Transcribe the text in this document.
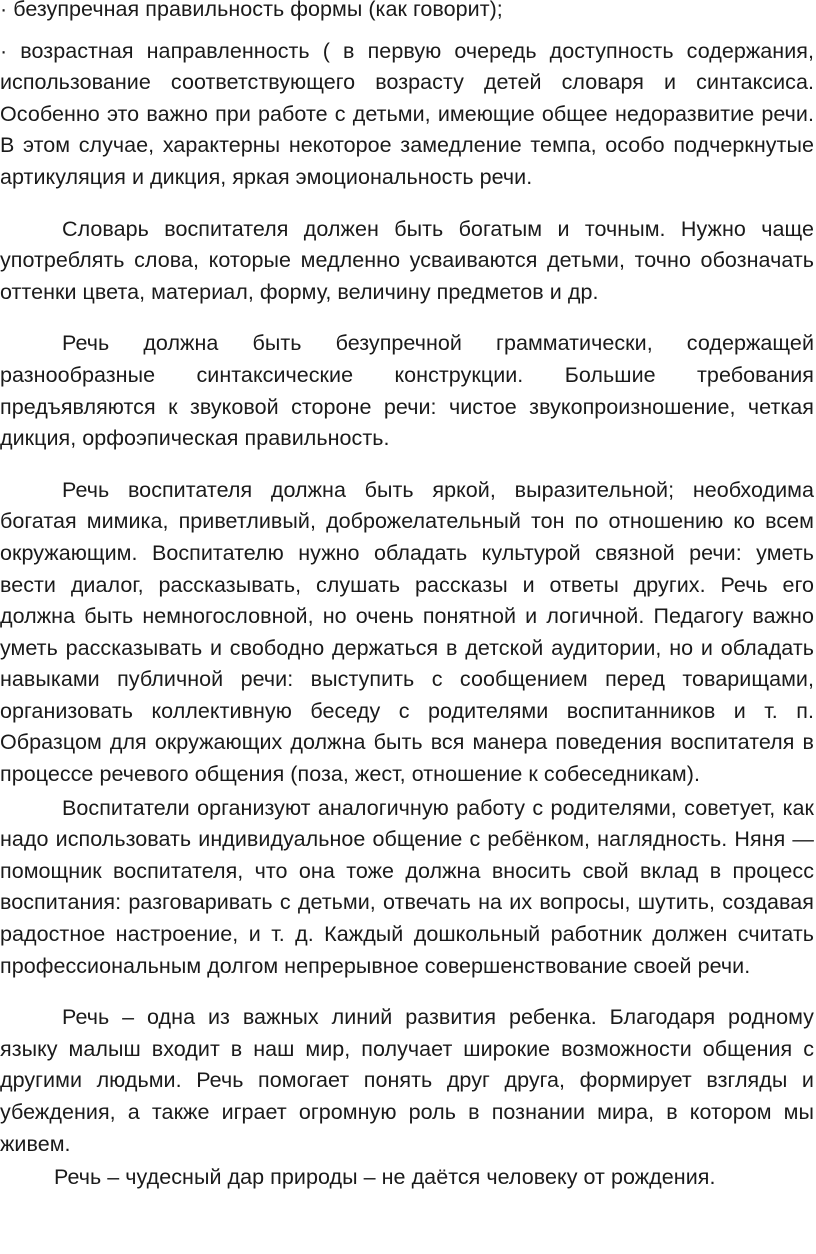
· безупречная правильность формы (как говорит);

· возрастная направленность ( в первую очередь доступность содержания, использование соответствующего возрасту детей словаря и синтаксиса. Особенно это важно при работе с детьми, имеющие общее недоразвитие речи. В этом случае, характерны некоторое замедление темпа, особо подчеркнутые артикуляция и дикция, яркая эмоциональность речи.

Словарь воспитателя должен быть богатым и точным. Нужно чаще употреблять слова, которые медленно усваиваются детьми, точно обозначать оттенки цвета, материал, форму, величину предметов и др.

Речь должна быть безупречной грамматически, содержащей разнообразные синтаксические конструкции. Большие требования предъявляются к звуковой стороне речи: чистое звукопроизношение, четкая дикция, орфоэпическая правильность.

Речь воспитателя должна быть яркой, выразительной; необходима богатая мимика, приветливый, доброжелательный тон по отношению ко всем окружающим. Воспитателю нужно обладать культурой связной речи: уметь вести диалог, рассказывать, слушать рассказы и ответы других. Речь его должна быть немногословной, но очень понятной и логичной. Педагогу важно уметь рассказывать и свободно держаться в детской аудитории, но и обладать навыками публичной речи: выступить с сообщением перед товарищами, организовать коллективную беседу с родителями воспитанников и т. п. Образцом для окружающих должна быть вся манера поведения воспитателя в процессе речевого общения (поза, жест, отношение к собеседникам).

Воспитатели организуют аналогичную работу с родителями, советует, как надо использовать индивидуальное общение с ребёнком, наглядность. Няня — помощник воспитателя, что она тоже должна вносить свой вклад в процесс воспитания: разговаривать с детьми, отвечать на их вопросы, шутить, создавая радостное настроение, и т. д. Каждый дошкольный работник должен считать профессиональным долгом непрерывное совершенствование своей речи.

Речь – одна из важных линий развития ребенка. Благодаря родному языку малыш входит в наш мир, получает широкие возможности общения с другими людьми. Речь помогает понять друг друга, формирует взгляды и убеждения, а также играет огромную роль в познании мира, в котором мы живем.

Речь – чудесный дар природы – не даётся человеку от рождения.
